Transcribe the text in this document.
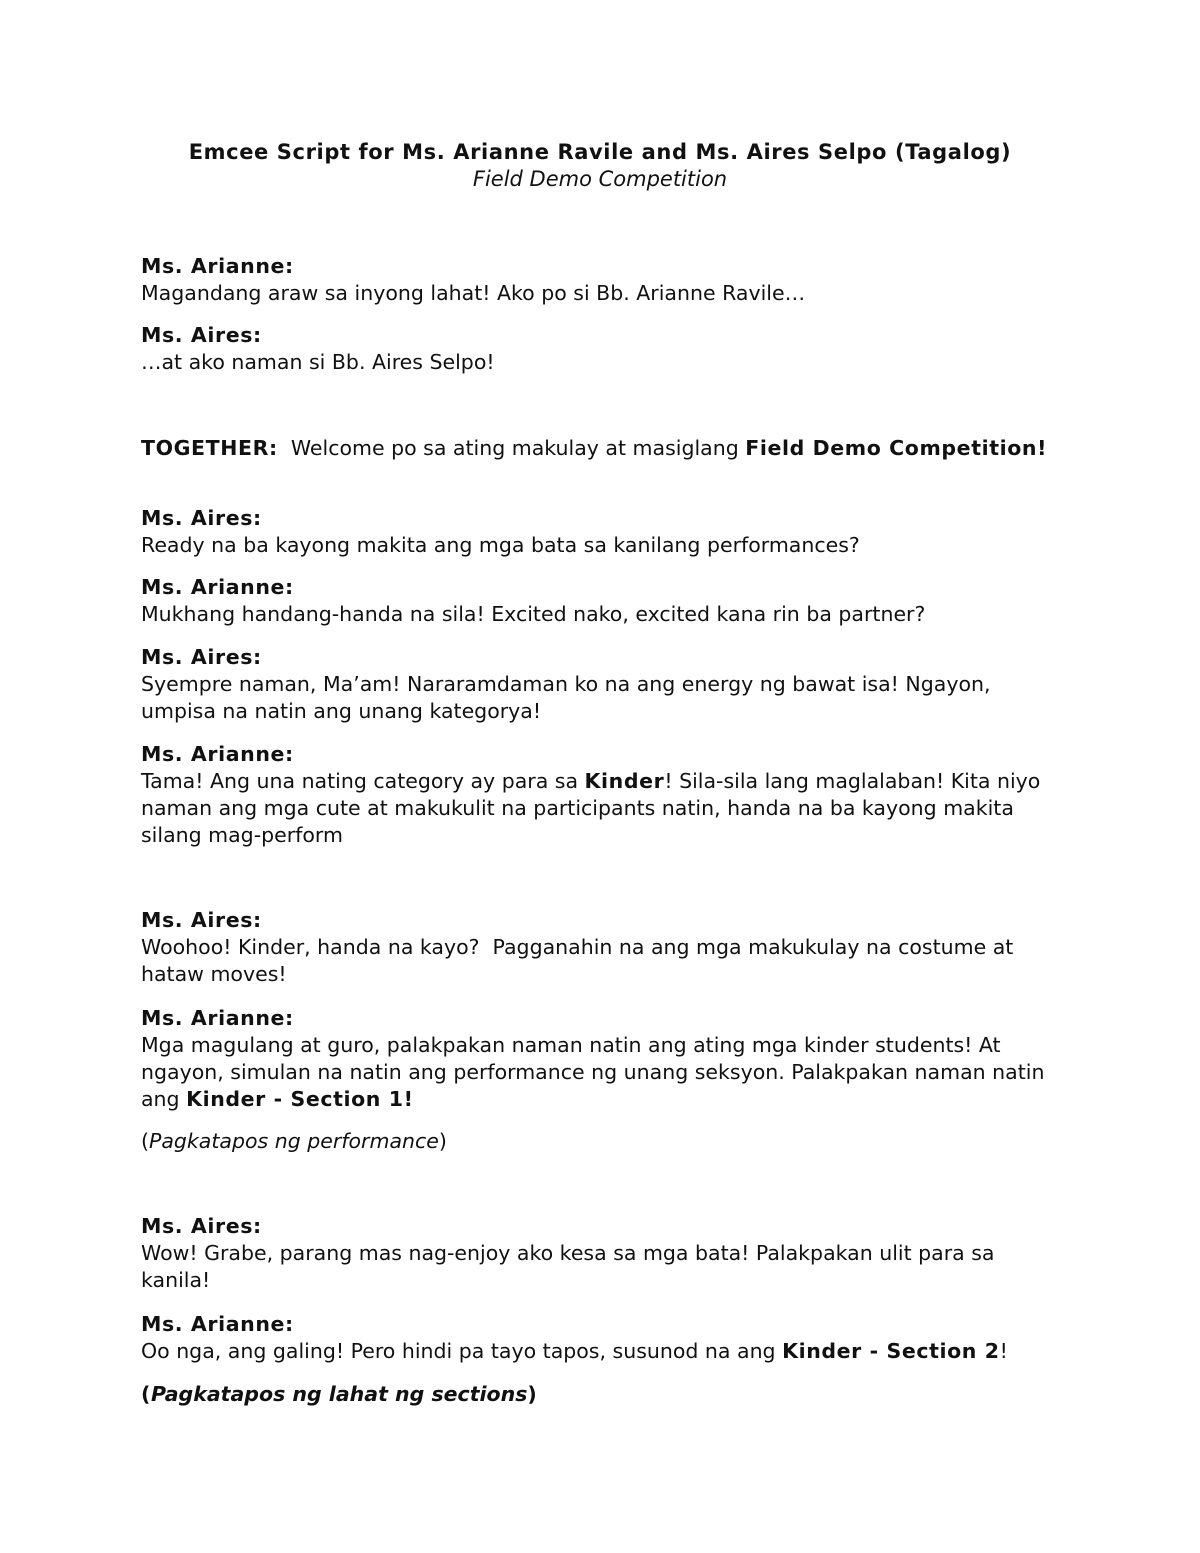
Emcee Script for Ms. Arianne Ravile and Ms. Aires Selpo (Tagalog)
Field Demo Competition
Ms. Arianne:
Magandang araw sa inyong lahat! Ako po si Bb. Arianne Ravile…
Ms. Aires:
…at ako naman si Bb. Aires Selpo!
TOGETHER:  Welcome po sa ating makulay at masiglang Field Demo Competition!
Ms. Aires:
Ready na ba kayong makita ang mga bata sa kanilang performances?
Ms. Arianne:
Mukhang handang-handa na sila! Excited nako, excited kana rin ba partner?
Ms. Aires:
Syempre naman, Ma’am! Nararamdaman ko na ang energy ng bawat isa! Ngayon, umpisa na natin ang unang kategorya!
Ms. Arianne:
Tama! Ang una nating category ay para sa Kinder! Sila-sila lang maglalaban! Kita niyo naman ang mga cute at makukulit na participants natin, handa na ba kayong makita silang mag-perform
Ms. Aires:
Woohoo! Kinder, handa na kayo?  Pagganahin na ang mga makukulay na costume at hataw moves!
Ms. Arianne:
Mga magulang at guro, palakpakan naman natin ang ating mga kinder students! At ngayon, simulan na natin ang performance ng unang seksyon. Palakpakan naman natin ang Kinder - Section 1!
(Pagkatapos ng performance)
Ms. Aires:
Wow! Grabe, parang mas nag-enjoy ako kesa sa mga bata! Palakpakan ulit para sa kanila!
Ms. Arianne:
Oo nga, ang galing! Pero hindi pa tayo tapos, susunod na ang Kinder - Section 2!
(Pagkatapos ng lahat ng sections)
